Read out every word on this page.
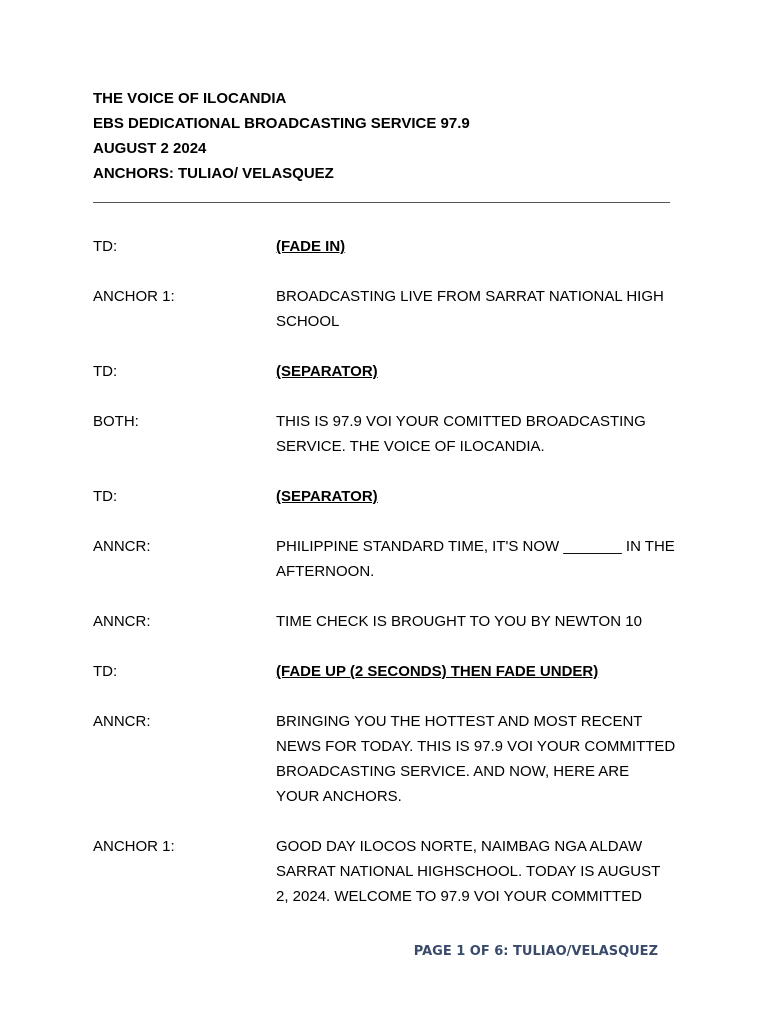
THE VOICE OF ILOCANDIA
EBS DEDICATIONAL BROADCASTING SERVICE 97.9
AUGUST 2 2024
ANCHORS: TULIAO/ VELASQUEZ
TD:	(FADE IN)
ANCHOR 1:	BROADCASTING LIVE FROM SARRAT NATIONAL HIGH SCHOOL
TD:	(SEPARATOR)
BOTH:	THIS IS 97.9 VOI YOUR COMITTED BROADCASTING SERVICE. THE VOICE OF ILOCANDIA.
TD:	(SEPARATOR)
ANNCR:	PHILIPPINE STANDARD TIME, IT'S NOW _______ IN THE AFTERNOON.
ANNCR:	TIME CHECK IS BROUGHT TO YOU BY NEWTON 10
TD:	(FADE UP (2 SECONDS) THEN FADE UNDER)
ANNCR:	BRINGING YOU THE HOTTEST AND MOST RECENT NEWS FOR TODAY. THIS IS 97.9 VOI YOUR COMMITTED BROADCASTING SERVICE. AND NOW, HERE ARE YOUR ANCHORS.
ANCHOR 1:	GOOD DAY ILOCOS NORTE, NAIMBAG NGA ALDAW SARRAT NATIONAL HIGHSCHOOL. TODAY IS AUGUST 2, 2024. WELCOME TO 97.9 VOI YOUR COMMITTED
PAGE 1 OF 6: TULIAO/VELASQUEZ
